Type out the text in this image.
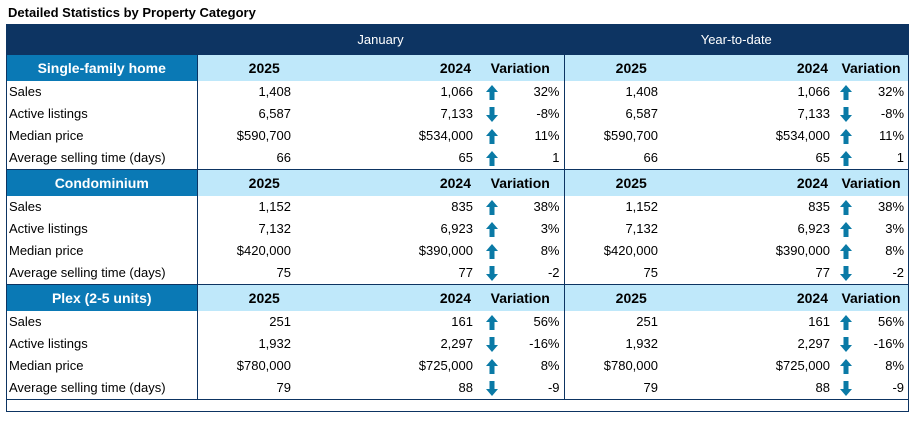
Detailed Statistics by Property Category
	January				Year-to-date			
Single-family home	2025	2024	Variation		2025	2024	Variation	
Sales	1,408	1,066		32%	1,408	1,066		32%
Active listings	6,587	7,133		-8%	6,587	7,133		-8%
Median price	$590,700	$534,000		11%	$590,700	$534,000		11%
Average selling time (days)	66	65		1	66	65		1
Condominium	2025	2024	Variation		2025	2024	Variation	
Sales	1,152	835		38%	1,152	835		38%
Active listings	7,132	6,923		3%	7,132	6,923		3%
Median price	$420,000	$390,000		8%	$420,000	$390,000		8%
Average selling time (days)	75	77		-2	75	77		-2
Plex (2-5 units)	2025	2024	Variation		2025	2024	Variation	
Sales	251	161		56%	251	161		56%
Active listings	1,932	2,297		-16%	1,932	2,297		-16%
Median price	$780,000	$725,000		8%	$780,000	$725,000		8%
Average selling time (days)	79	88		-9	79	88		-9
